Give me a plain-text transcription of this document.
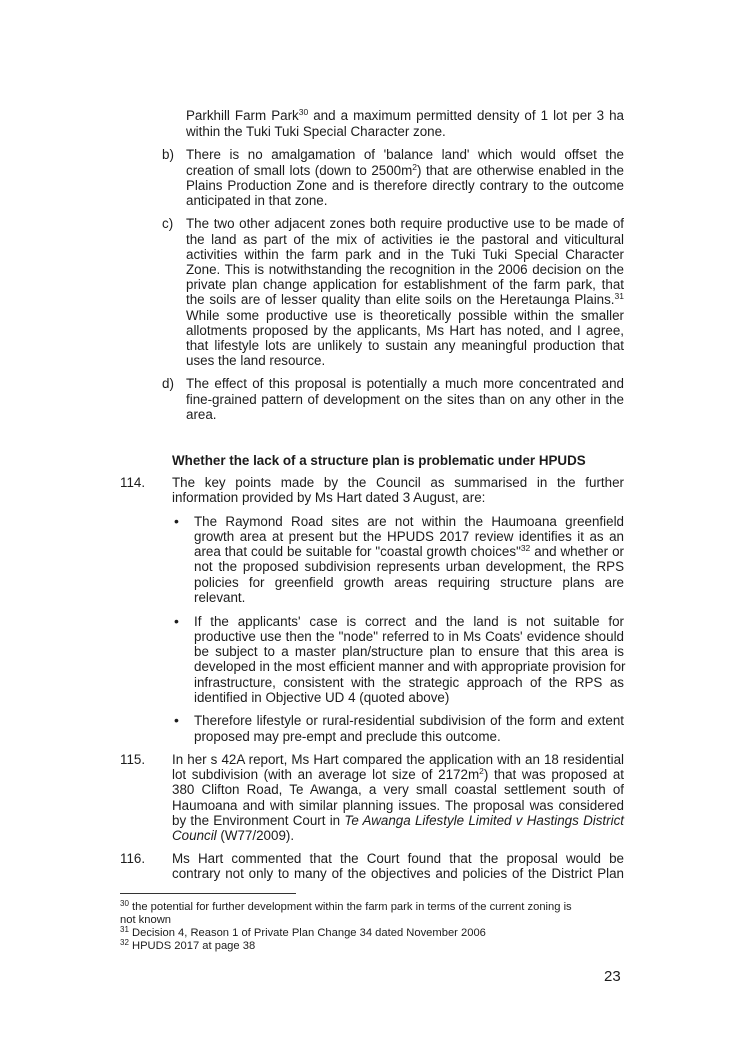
Parkhill Farm Park$^{30}$ and a maximum permitted density of 1 lot per 3 ha
within the Tuki Tuki Special Character zone.
b) There is no amalgamation of 'balance land' which would offset the
creation of small lots (down to $2500m^2$) that are otherwise enabled in the
Plains Production Zone and is therefore directly contrary to the outcome
anticipated in that zone.
c) The two other adjacent zones both require productive use to be made of
the land as part of the mix of activities ie the pastoral and viticultural
activities within the farm park and in the Tuki Tuki Special Character
Zone. This is notwithstanding the recognition in the 2006 decision on the
private plan change application for establishment of the farm park, that
the soils are of lesser quality than elite soils on the Heretaunga Plains.$^{31}$
While some productive use is theoretically possible within the smaller
allotments proposed by the applicants, Ms Hart has noted, and I agree,
that lifestyle lots are unlikely to sustain any meaningful production that
uses the land resource.
d) The effect of this proposal is potentially a much more concentrated and
fine-grained pattern of development on the sites than on any other in the
area.
Whether the lack of a structure plan is problematic under HPUDS
114. The key points made by the Council as summarised in the further
information provided by Ms Hart dated 3 August, are:
• The Raymond Road sites are not within the Haumoana greenfield
growth area at present but the HPUDS 2017 review identifies it as an
area that could be suitable for "coastal growth choices"$^{32}$ and whether or
not the proposed subdivision represents urban development, the RPS
policies for greenfield growth areas requiring structure plans are
relevant.
• If the applicants' case is correct and the land is not suitable for
productive use then the "node" referred to in Ms Coats' evidence should
be subject to a master plan/structure plan to ensure that this area is
developed in the most efficient manner and with appropriate provision for
infrastructure, consistent with the strategic approach of the RPS as
identified in Objective UD 4 (quoted above)
• Therefore lifestyle or rural-residential subdivision of the form and extent
proposed may pre-empt and preclude this outcome.
115. In her s 42A report, Ms Hart compared the application with an 18 residential
lot subdivision (with an average lot size of $2172m^2$) that was proposed at
380 Clifton Road, Te Awanga, a very small coastal settlement south of
Haumoana and with similar planning issues. The proposal was considered
by the Environment Court in Te Awanga Lifestyle Limited v Hastings District
Council (W77/2009).
116. Ms Hart commented that the Court found that the proposal would be
contrary not only to many of the objectives and policies of the District Plan
$^{30}$ the potential for further development within the farm park in terms of the current zoning is
not known
$^{31}$ Decision 4, Reason 1 of Private Plan Change 34 dated November 2006
$^{32}$ HPUDS 2017 at page 38
23
